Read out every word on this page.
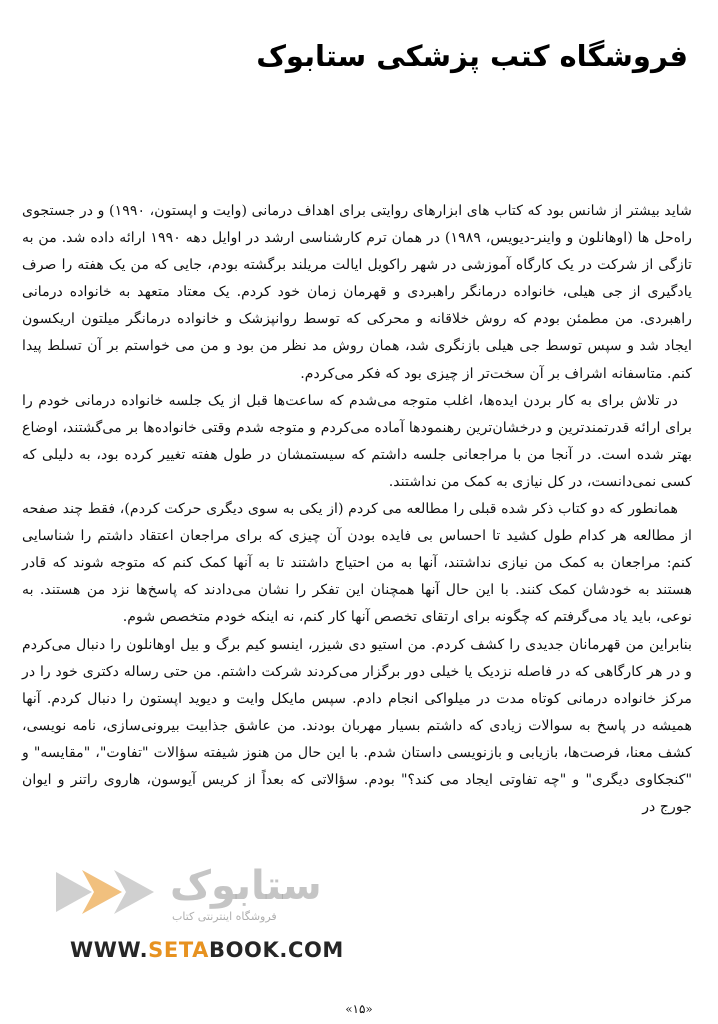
فروشگاه کتب پزشکی ستابوک

شاید بیشتر از شانس بود که کتاب های ابزارهای روایتی برای اهداف درمانی (وایت و اپستون، ۱۹۹۰) و در جستجوی راه‌حل ها (اوهانلون و واینر-دیویس، ۱۹۸۹) در همان ترم کارشناسی ارشد در اوایل دهه ۱۹۹۰ ارائه داده شد. من به تازگی از شرکت در یک کارگاه آموزشی در شهر راکویل ایالت مریلند برگشته بودم، جایی که من یک هفته را صرف یادگیری از جی هیلی، خانواده درمانگر راهبردی و قهرمان زمان خود کردم. یک معتاد متعهد به خانواده درمانی راهبردی. من مطمئن بودم که روش خلاقانه و محرکی که توسط روانپزشک و خانواده درمانگر میلتون اریکسون ایجاد شد و سپس توسط جی هیلی بازنگری شد، همان روش مد نظر من بود و من می خواستم بر آن تسلط پیدا کنم. متاسفانه اشراف بر آن سخت‌تر از چیزی بود که فکر می‌کردم.

در تلاش برای به کار بردن ایده‌ها، اغلب متوجه می‌شدم که ساعت‌ها قبل از یک جلسه خانواده درمانی خودم را برای ارائه قدرتمندترین و درخشان‌ترین رهنمودها آماده می‌کردم و متوجه شدم وقتی خانواده‌ها بر می‌گشتند، اوضاع بهتر شده است. در آنجا من با مراجعانی جلسه داشتم که سیستمشان در طول هفته تغییر کرده بود، به دلیلی که کسی نمی‌دانست، در کل نیازی به کمک من نداشتند.

همانطور که دو کتاب ذکر شده قبلی را مطالعه می کردم (از یکی به سوی دیگری حرکت کردم)، فقط چند صفحه از مطالعه هر کدام طول کشید تا احساس بی فایده بودن آن چیزی که برای مراجعان اعتقاد داشتم را شناسایی کنم: مراجعان به کمک من نیازی نداشتند، آنها به من احتیاج داشتند تا به آنها کمک کنم که متوجه شوند که قادر هستند به خودشان کمک کنند. با این حال آنها همچنان این تفکر را نشان می‌دادند که پاسخ‌ها نزد من هستند. به نوعی، باید یاد می‌گرفتم که چگونه برای ارتقای تخصص آنها کار کنم، نه اینکه خودم متخصص شوم.

بنابراین من قهرمانان جدیدی را کشف کردم. من استیو دی شیزر، اینسو کیم برگ و بیل اوهانلون را دنبال می‌کردم و در هر کارگاهی که در فاصله نزدیک یا خیلی دور برگزار می‌کردند شرکت داشتم. من حتی رساله دکتری خود را در مرکز خانواده درمانی کوتاه مدت در میلواکی انجام دادم. سپس مایکل وایت و دیوید اپستون را دنبال کردم. آنها همیشه در پاسخ به سوالات زیادی که داشتم بسیار مهربان بودند. من عاشق جذابیت بیرونی‌سازی، نامه نویسی، کشف معنا، فرصت‌ها، بازیابی و بازنویسی داستان شدم. با این حال من هنوز شیفته سؤالات "تفاوت"، "مقایسه" و "کنجکاوی دیگری" و "چه تفاوتی ایجاد می کند؟" بودم. سؤالاتی که بعداً از کریس آیوسون، هاروی راتنر و ایوان جورج در

ستابوک
فروشگاه اینترنتی کتاب
WWW.SETABOOK.COM
«۱۵»
